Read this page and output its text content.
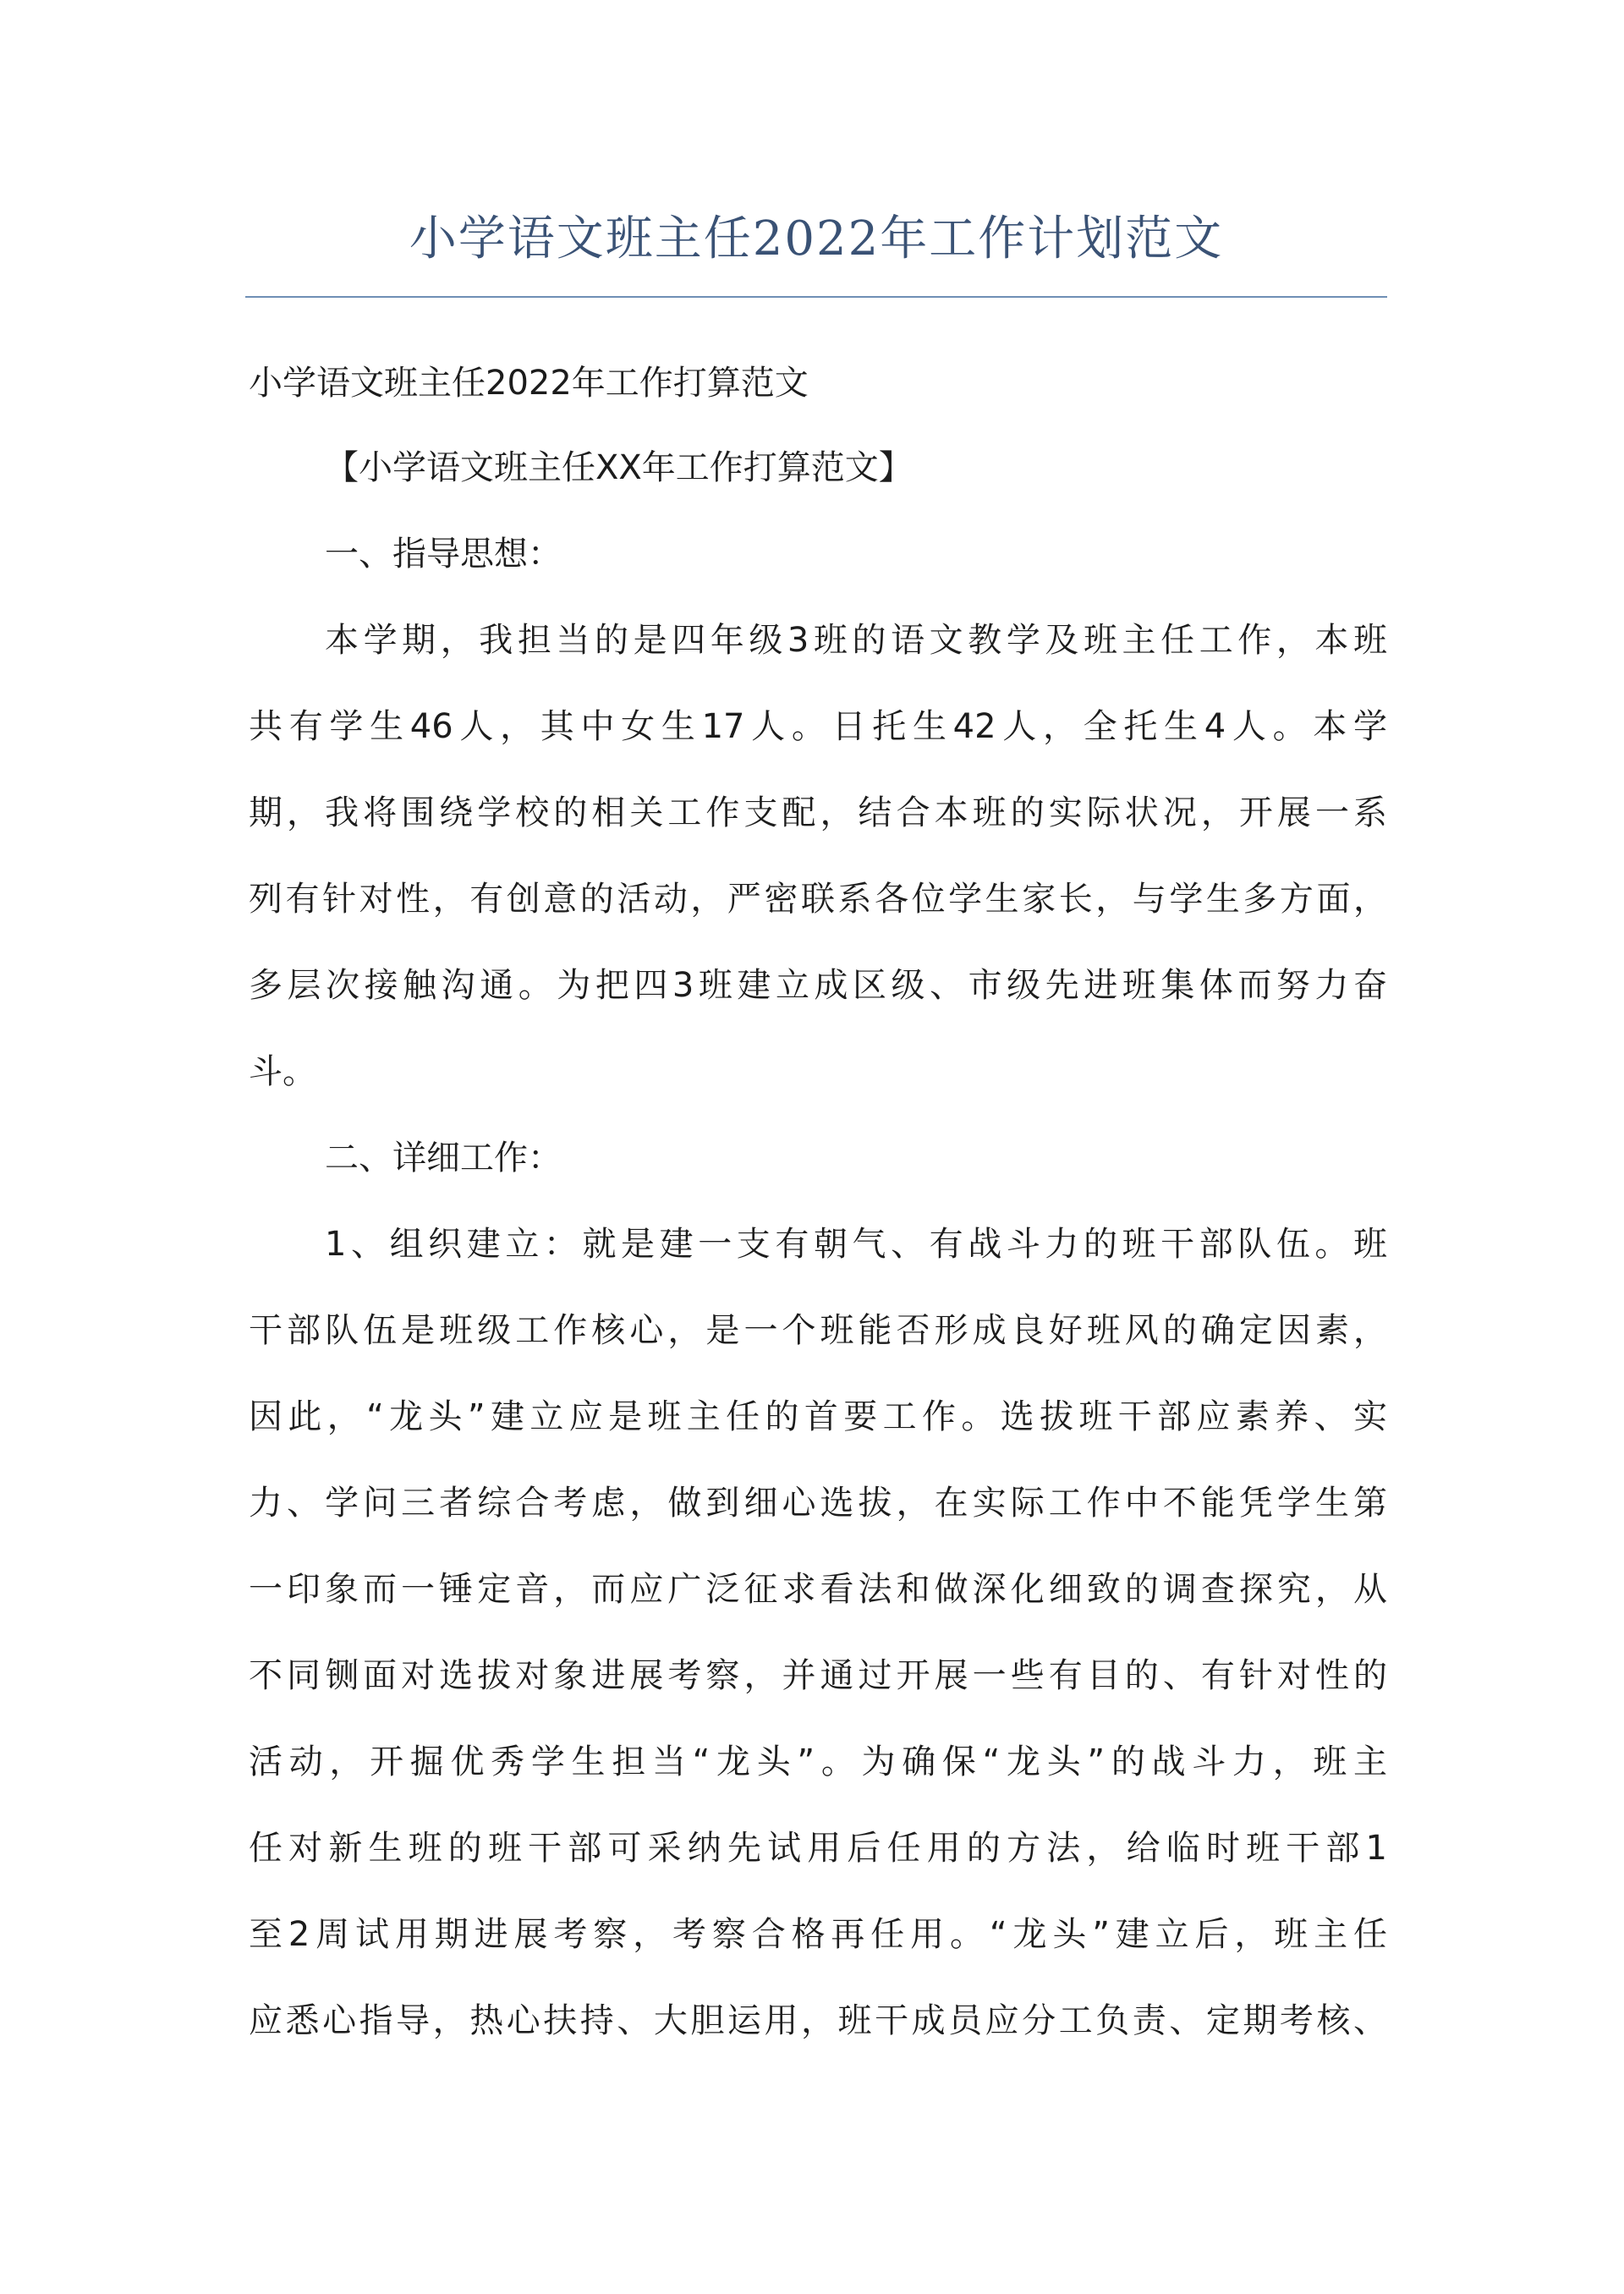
小学语文班主任2022年工作计划范文

小学语文班主任2022年工作打算范文

【小学语文班主任XX年工作打算范文】

一、指导思想：

本学期，我担当的是四年级3班的语文教学及班主任工作，本班

共有学生46人，其中女生17人。日托生42人，全托生4人。本学

期，我将围绕学校的相关工作支配，结合本班的实际状况，开展一系

列有针对性，有创意的活动，严密联系各位学生家长，与学生多方面，

多层次接触沟通。为把四3班建立成区级、市级先进班集体而努力奋

斗。

二、详细工作：

1、组织建立：就是建一支有朝气、有战斗力的班干部队伍。班

干部队伍是班级工作核心，是一个班能否形成良好班风的确定因素，

因此，“龙头”建立应是班主任的首要工作。选拔班干部应素养、实

力、学问三者综合考虑，做到细心选拔，在实际工作中不能凭学生第

一印象而一锤定音，而应广泛征求看法和做深化细致的调查探究，从

不同铡面对选拔对象进展考察，并通过开展一些有目的、有针对性的

活动，开掘优秀学生担当“龙头”。为确保“龙头”的战斗力，班主

任对新生班的班干部可采纳先试用后任用的方法，给临时班干部1

至2周试用期进展考察，考察合格再任用。“龙头”建立后，班主任

应悉心指导，热心扶持、大胆运用，班干成员应分工负责、定期考核、
